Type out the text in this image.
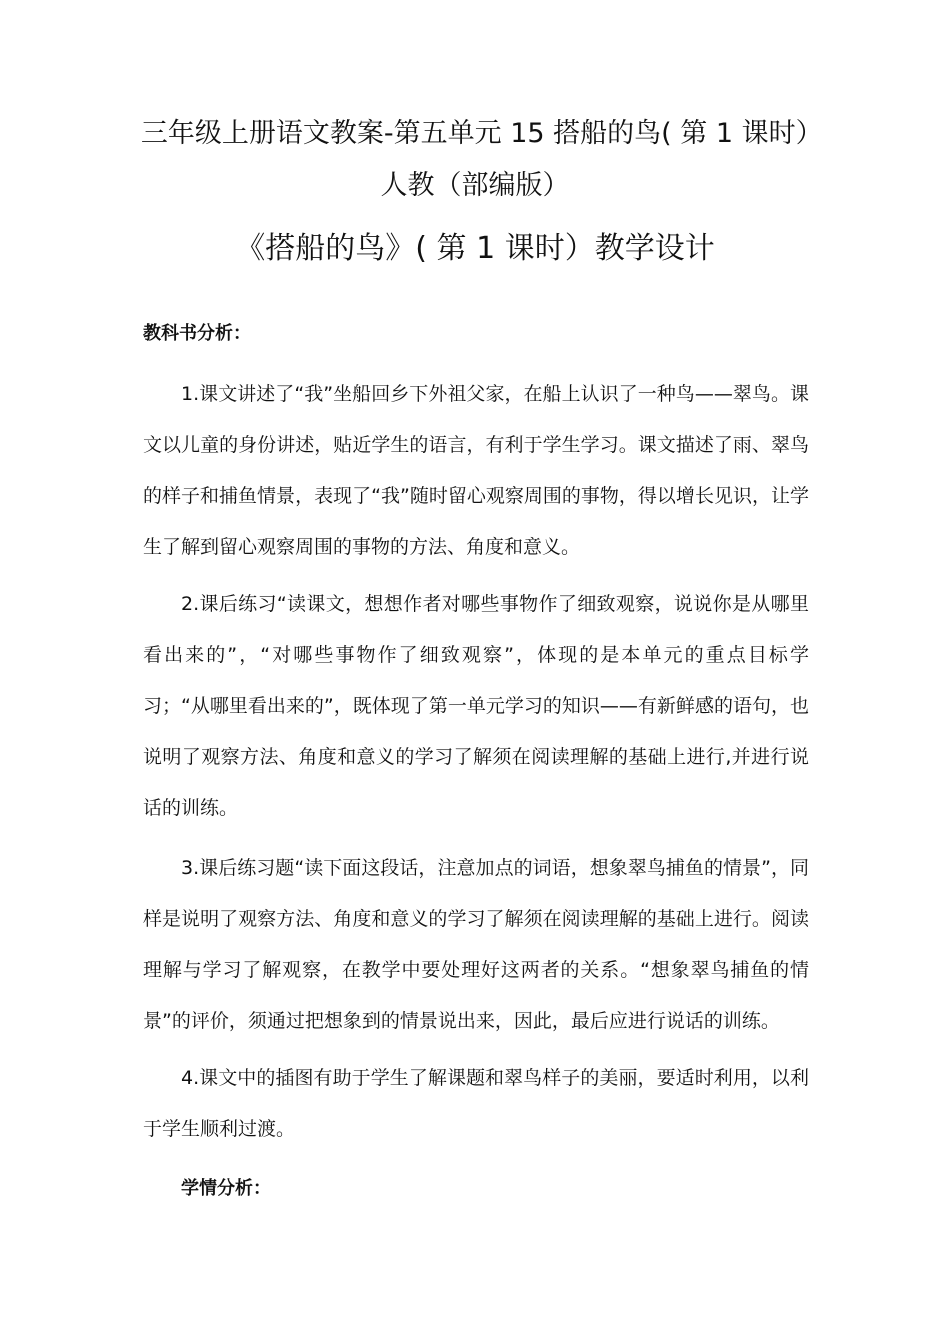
三年级上册语文教案-第五单元 15 搭船的鸟( 第 1 课时）人教（部编版）
《搭船的鸟》( 第 1 课时）教学设计
教科书分析：

1.课文讲述了“我”坐船回乡下外祖父家，在船上认识了一种鸟——翠鸟。课文以儿童的身份讲述，贴近学生的语言，有利于学生学习。课文描述了雨、翠鸟的样子和捕鱼情景，表现了“我”随时留心观察周围的事物，得以增长见识，让学生了解到留心观察周围的事物的方法、角度和意义。

2.课后练习“读课文，想想作者对哪些事物作了细致观察，说说你是从哪里看出来的”，“对哪些事物作了细致观察”，体现的是本单元的重点目标学习；“从哪里看出来的”，既体现了第一单元学习的知识——有新鲜感的语句，也说明了观察方法、角度和意义的学习了解须在阅读理解的基础上进行,并进行说话的训练。

3.课后练习题“读下面这段话，注意加点的词语，想象翠鸟捕鱼的情景”，同样是说明了观察方法、角度和意义的学习了解须在阅读理解的基础上进行。阅读理解与学习了解观察，在教学中要处理好这两者的关系。“想象翠鸟捕鱼的情景”的评价，须通过把想象到的情景说出来，因此，最后应进行说话的训练。

4.课文中的插图有助于学生了解课题和翠鸟样子的美丽，要适时利用，以利于学生顺利过渡。

学情分析：
